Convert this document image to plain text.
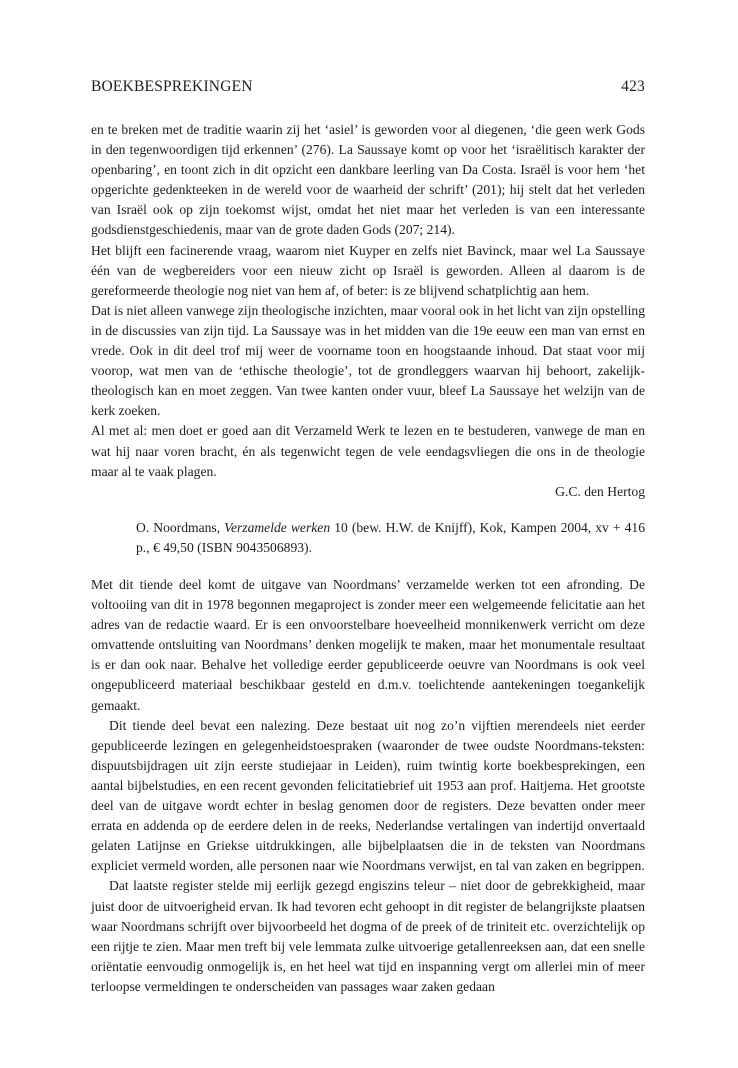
BOEKBESPREKINGEN	423

en te breken met de traditie waarin zij het ‘asiel’ is geworden voor al diegenen, ‘die geen werk Gods in den tegenwoordigen tijd erkennen’ (276). La Saussaye komt op voor het ‘israëlitisch karakter der openbaring’, en toont zich in dit opzicht een dankbare leerling van Da Costa. Israël is voor hem ‘het opgerichte gedenkteeken in de wereld voor de waarheid der schrift’ (201); hij stelt dat het verleden van Israël ook op zijn toekomst wijst, omdat het niet maar het verleden is van een interessante godsdienstgeschiedenis, maar van de grote daden Gods (207; 214).

Het blijft een facinerende vraag, waarom niet Kuyper en zelfs niet Bavinck, maar wel La Saussaye één van de wegbereiders voor een nieuw zicht op Israël is geworden. Alleen al daarom is de gereformeerde theologie nog niet van hem af, of beter: is ze blijvend schatplichtig aan hem.

Dat is niet alleen vanwege zijn theologische inzichten, maar vooral ook in het licht van zijn opstelling in de discussies van zijn tijd. La Saussaye was in het midden van die 19e eeuw een man van ernst en vrede. Ook in dit deel trof mij weer de voorname toon en hoogstaande inhoud. Dat staat voor mij voorop, wat men van de ‘ethische theologie’, tot de grondleggers waarvan hij behoort, zakelijk-theologisch kan en moet zeggen. Van twee kanten onder vuur, bleef La Saussaye het welzijn van de kerk zoeken.

Al met al: men doet er goed aan dit Verzameld Werk te lezen en te bestuderen, vanwege de man en wat hij naar voren bracht, én als tegenwicht tegen de vele eendagsvliegen die ons in de theologie maar al te vaak plagen.

G.C. den Hertog

O. Noordmans, Verzamelde werken 10 (bew. H.W. de Knijff), Kok, Kampen 2004, xv + 416 p., € 49,50 (ISBN 9043506893).

Met dit tiende deel komt de uitgave van Noordmans’ verzamelde werken tot een afronding. De voltooiing van dit in 1978 begonnen megaproject is zonder meer een welgemeende felicitatie aan het adres van de redactie waard. Er is een onvoorstelbare hoeveelheid monnikenwerk verricht om deze omvattende ontsluiting van Noordmans’ denken mogelijk te maken, maar het monumentale resultaat is er dan ook naar. Behalve het volledige eerder gepubliceerde oeuvre van Noordmans is ook veel ongepubliceerd materiaal beschikbaar gesteld en d.m.v. toelichtende aantekeningen toegankelijk gemaakt.

Dit tiende deel bevat een nalezing. Deze bestaat uit nog zo’n vijftien merendeels niet eerder gepubliceerde lezingen en gelegenheidstoespraken (waaronder de twee oudste Noordmans-teksten: dispuutsbijdragen uit zijn eerste studiejaar in Leiden), ruim twintig korte boekbesprekingen, een aantal bijbelstudies, en een recent gevonden felicitatiebrief uit 1953 aan prof. Haitjema. Het grootste deel van de uitgave wordt echter in beslag genomen door de registers. Deze bevatten onder meer errata en addenda op de eerdere delen in de reeks, Nederlandse vertalingen van indertijd onvertaald gelaten Latijnse en Griekse uitdrukkingen, alle bijbelplaatsen die in de teksten van Noordmans expliciet vermeld worden, alle personen naar wie Noordmans verwijst, en tal van zaken en begrippen.

Dat laatste register stelde mij eerlijk gezegd engiszins teleur – niet door de gebrekkigheid, maar juist door de uitvoerigheid ervan. Ik had tevoren echt gehoopt in dit register de belangrijkste plaatsen waar Noordmans schrijft over bijvoorbeeld het dogma of de preek of de triniteit etc. overzichtelijk op een rijtje te zien. Maar men treft bij vele lemmata zulke uitvoerige getallenreeksen aan, dat een snelle oriëntatie eenvoudig onmogelijk is, en het heel wat tijd en inspanning vergt om allerlei min of meer terloopse vermeldingen te onderscheiden van passages waar zaken gedaan
